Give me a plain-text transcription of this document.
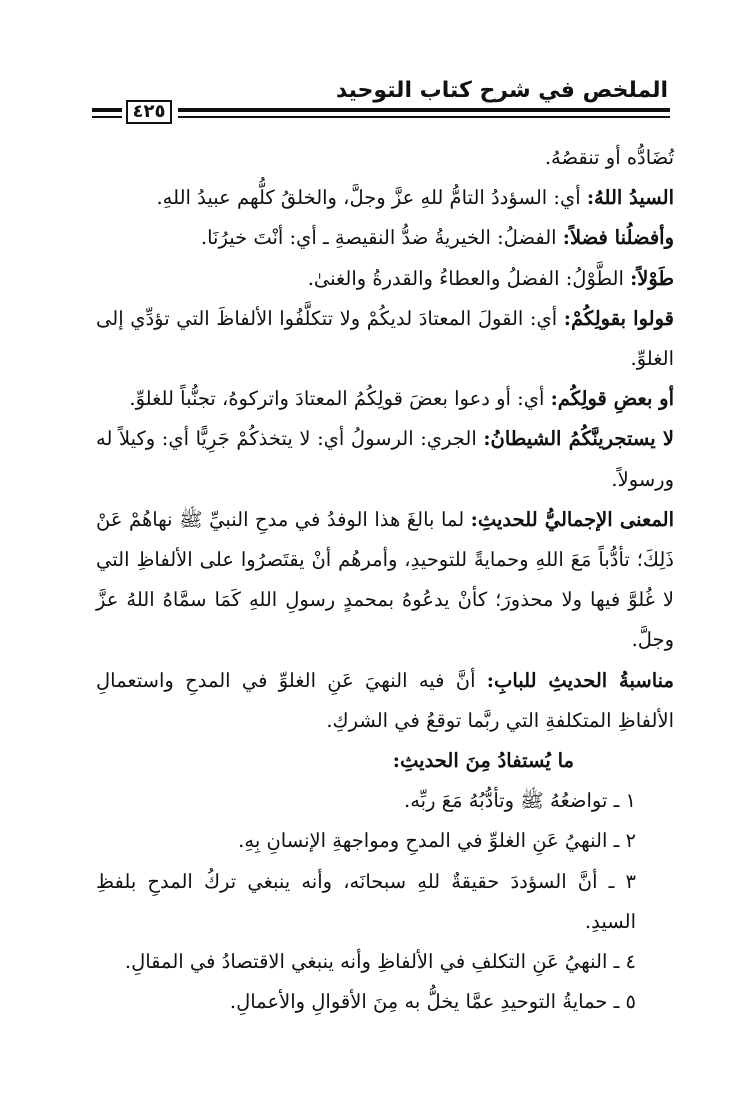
الملخص في شرح كتاب التوحيد
٤٢٥

تُضَادُّه أو تنقصُهُ.

السيدُ اللهُ: أي: السؤددُ التامُّ للهِ عزَّ وجلَّ، والخلقُ كلُّهم عبيدُ اللهِ.

وأفضلُنا فضلاً: الفضلُ: الخيريةُ ضدُّ النقيصةِ ـ أي: أنْتَ خيرُنَا.

طَوْلاً: الطَّوْلُ: الفضلُ والعطاءُ والقدرةُ والغنىٰ.

قولوا بقولِكُمْ: أي: القولَ المعتادَ لديكُمْ ولا تتكلَّفُوا الألفاظَ التي تؤدِّي إلى الغلوِّ.

أو بعضِ قولِكُم: أي: أو دعوا بعضَ قولِكُمُ المعتادَ واتركوهُ، تجنُّباً للغلوِّ.

لا يستجرينَّكُمُ الشيطانُ: الجري: الرسولُ أي: لا يتخذكُمْ جَرِيًّا أي: وكيلاً له ورسولاً.

المعنى الإجماليُّ للحديثِ: لما بالغَ هذا الوفدُ في مدحِ النبيِّ ﷺ نهاهُمْ عَنْ ذَلِكَ؛ تأدُّباً مَعَ اللهِ وحمايةً للتوحيدِ، وأمرهُم أنْ يقتَصرُوا على الألفاظِ التي لا غُلوَّ فيها ولا محذورَ؛ كأنْ يدعُوهُ بمحمدٍ رسولِ اللهِ كَمَا سمَّاهُ اللهُ عزَّ وجلَّ.

مناسبةُ الحديثِ للبابِ: أنَّ فيه النهيَ عَنِ الغلوِّ في المدحِ واستعمالِ الألفاظِ المتكلفةِ التي ربَّما توقعُ في الشركِ.

ما يُستفادُ مِنَ الحديثِ:

١ ـ تواضعُهُ ﷺ وتأدُّبُهُ مَعَ ربِّه.

٢ ـ النهيُ عَنِ الغلوِّ في المدحِ ومواجهةِ الإنسانِ بِهِ.

٣ ـ أنَّ السؤددَ حقيقةٌ للهِ سبحانَه، وأنه ينبغي تركُ المدحِ بلفظِ السيدِ.

٤ ـ النهيُ عَنِ التكلفِ في الألفاظِ وأنه ينبغي الاقتصادُ في المقالِ.

٥ ـ حمايةُ التوحيدِ عمَّا يخلُّ به مِنَ الأقوالِ والأعمالِ.
